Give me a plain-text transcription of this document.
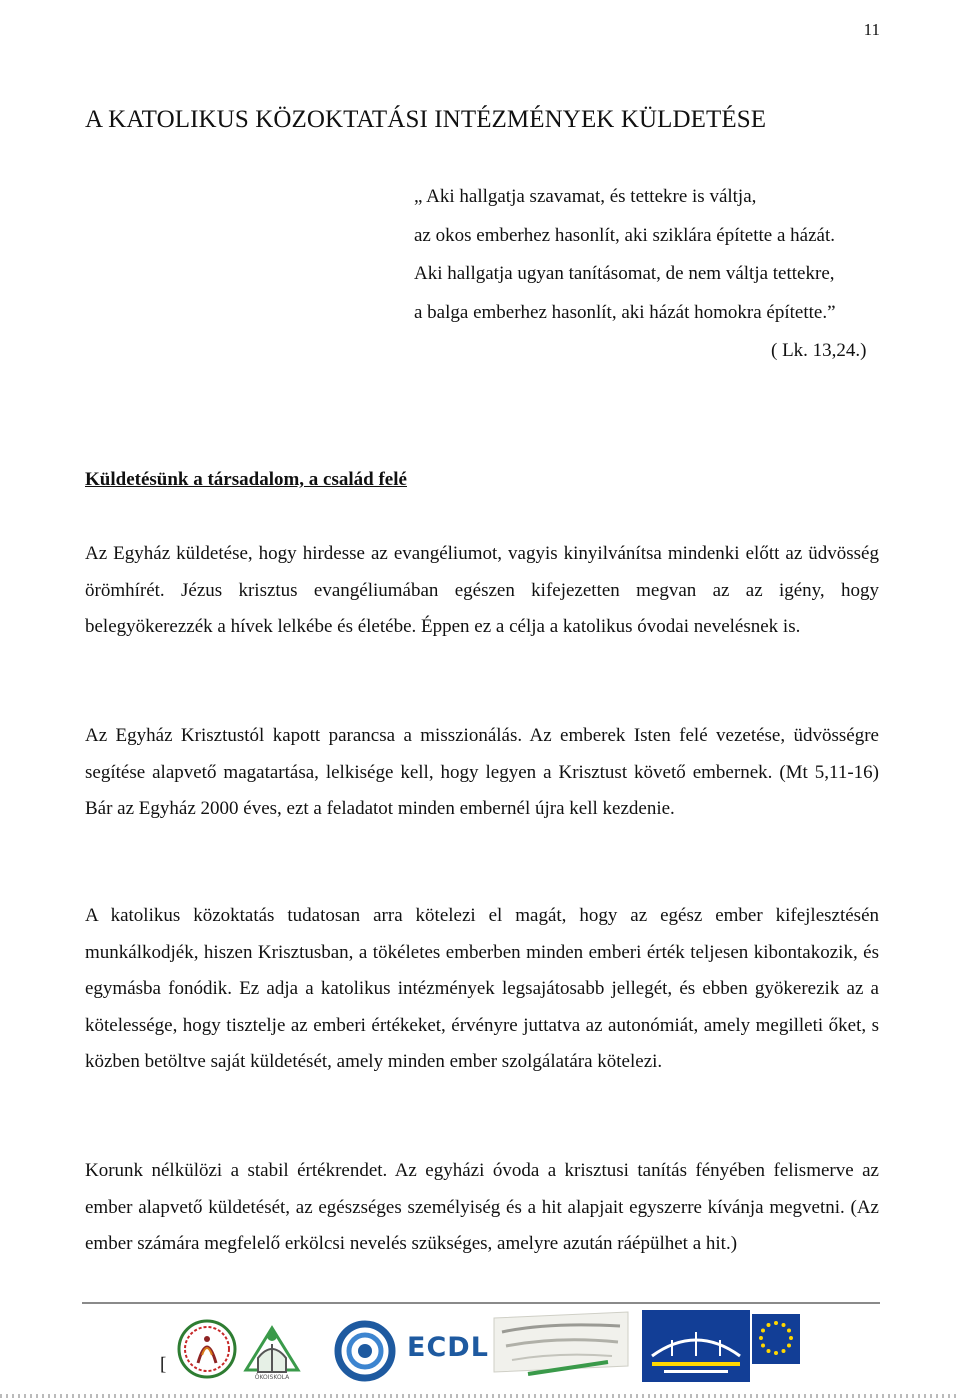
11
A KATOLIKUS KÖZOKTATÁSI INTÉZMÉNYEK KÜLDETÉSE
„ Aki hallgatja szavamat, és tettekre is váltja,
az okos emberhez hasonlít, aki sziklára építette a házát.
Aki hallgatja ugyan tanításomat, de nem váltja tettekre,
a balga emberhez hasonlít, aki házát homokra építette.”
( Lk. 13,24.)
Küldetésünk a társadalom, a család felé

Az Egyház küldetése, hogy hirdesse az evangéliumot, vagyis kinyilvánítsa mindenki előtt az üdvösség örömhírét. Jézus krisztus evangéliumában egészen kifejezetten megvan az az igény, hogy belegyökerezzék a hívek lelkébe és életébe. Éppen ez a célja a katolikus óvodai nevelésnek is.

Az Egyház Krisztustól kapott parancsa a misszionálás. Az emberek Isten felé vezetése, üdvösségre segítése alapvető magatartása, lelkisége kell, hogy legyen a Krisztust követő embernek. (Mt 5,11-16) Bár az Egyház 2000 éves, ezt a feladatot minden embernél újra kell kezdenie.

A katolikus közoktatás tudatosan arra kötelezi el magát, hogy az egész ember kifejlesztésén munkálkodjék, hiszen Krisztusban, a tökéletes emberben minden emberi érték teljesen kibontakozik, és egymásba fonódik. Ez adja a katolikus intézmények legsajátosabb jellegét, és ebben gyökerezik az a kötelessége, hogy tisztelje az emberi értékeket, érvényre juttatva az autonómiát, amely megilleti őket, s közben betöltve saját küldetését, amely minden ember szolgálatára kötelezi.

Korunk nélkülözi a stabil értékrendet. Az egyházi óvoda a krisztusi tanítás fényében felismerve az ember alapvető küldetését, az egészséges személyiség és a hit alapjait egyszerre kívánja megvetni. (Az ember számára megfelelő erkölcsi nevelés szükséges, amelyre azután ráépülhet a hit.)

[
ÖKOISKOLA
ECDL
